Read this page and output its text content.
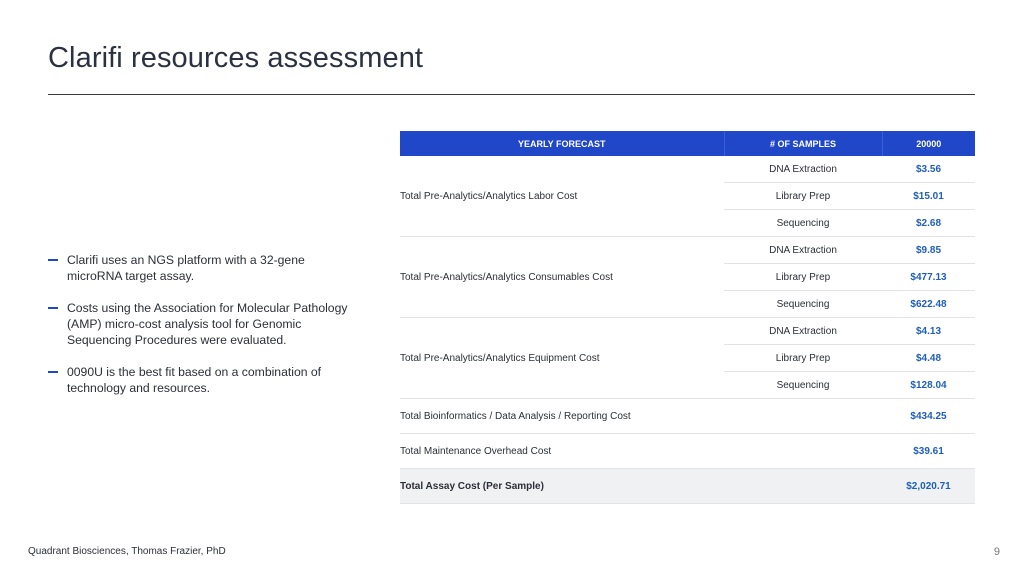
Clarifi resources assessment
Clarifi uses an NGS platform with a 32-gene microRNA target assay.
Costs using the Association for Molecular Pathology (AMP) micro-cost analysis tool for Genomic Sequencing Procedures were evaluated.
0090U is the best fit based on a combination of technology and resources.
YEARLY FORECAST	# OF SAMPLES	20000
Total Pre-Analytics/Analytics Labor Cost	DNA Extraction	$3.56
	Library Prep	$15.01
	Sequencing	$2.68
Total Pre-Analytics/Analytics Consumables Cost	DNA Extraction	$9.85
	Library Prep	$477.13
	Sequencing	$622.48
Total Pre-Analytics/Analytics Equipment Cost	DNA Extraction	$4.13
	Library Prep	$4.48
	Sequencing	$128.04
Total Bioinformatics / Data Analysis / Reporting Cost		$434.25
Total Maintenance Overhead Cost		$39.61
Total Assay Cost (Per Sample)		$2,020.71
Quadrant Biosciences, Thomas Frazier, PhD	9
